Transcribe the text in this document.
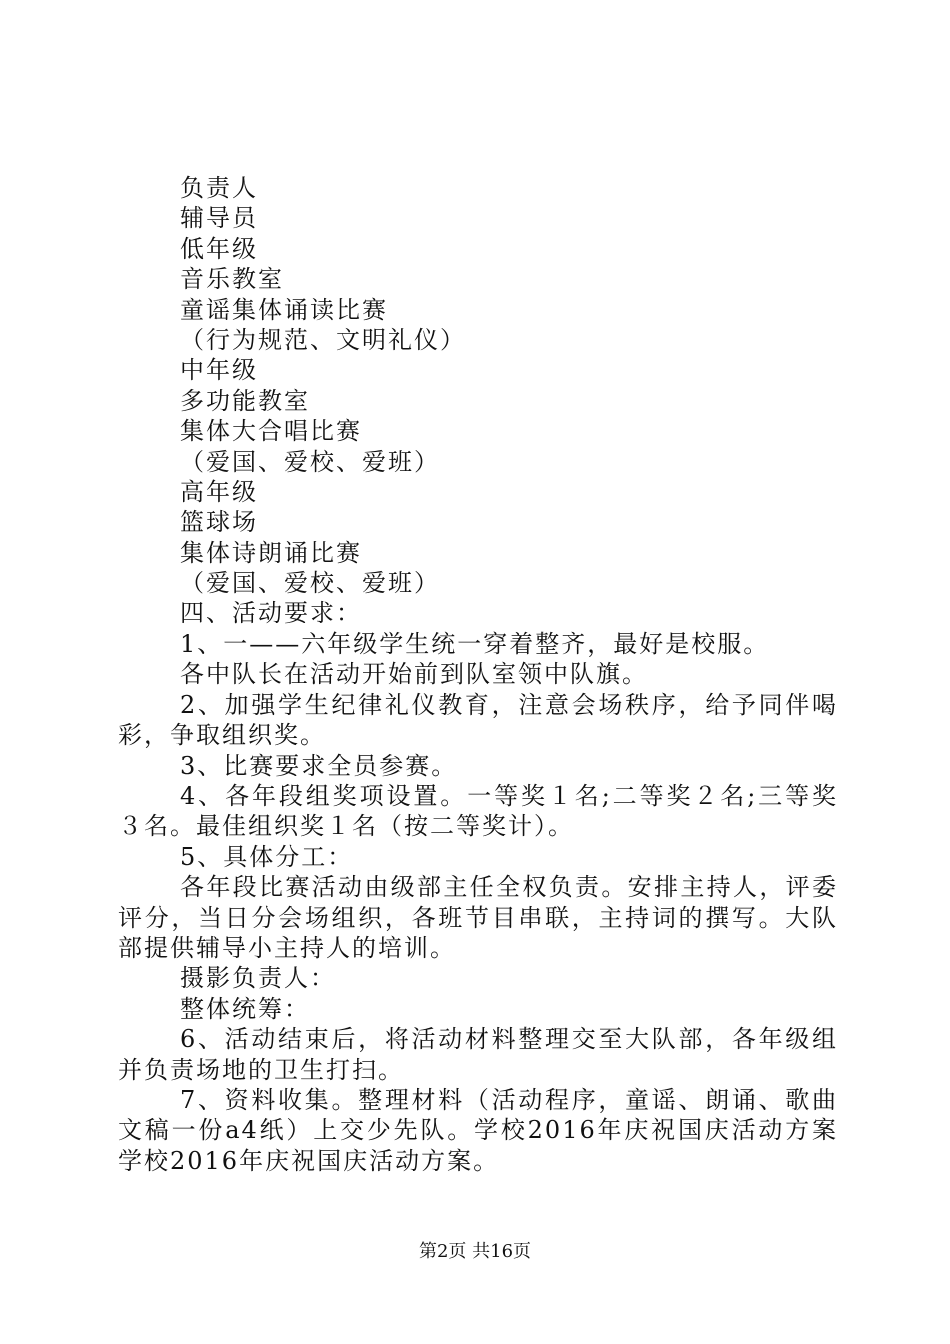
负责人
辅导员
低年级
音乐教室
童谣集体诵读比赛
（行为规范、文明礼仪）
中年级
多功能教室
集体大合唱比赛
（爱国、爱校、爱班）
高年级
篮球场
集体诗朗诵比赛
（爱国、爱校、爱班）
四、活动要求：
1、一——六年级学生统一穿着整齐，最好是校服。
各中队长在活动开始前到队室领中队旗。
2、加强学生纪律礼仪教育，注意会场秩序，给予同伴喝彩，争取组织奖。
3、比赛要求全员参赛。
4、各年段组奖项设置。一等奖１名;二等奖２名;三等奖３名。最佳组织奖１名（按二等奖计）。
5、具体分工：
各年段比赛活动由级部主任全权负责。安排主持人，评委评分，当日分会场组织，各班节目串联，主持词的撰写。大队部提供辅导小主持人的培训。
摄影负责人：
整体统筹：
6、活动结束后，将活动材料整理交至大队部，各年级组并负责场地的卫生打扫。
7、资料收集。整理材料（活动程序，童谣、朗诵、歌曲文稿一份a4纸）上交少先队。学校2016年庆祝国庆活动方案学校2016年庆祝国庆活动方案。
第2页 共16页
